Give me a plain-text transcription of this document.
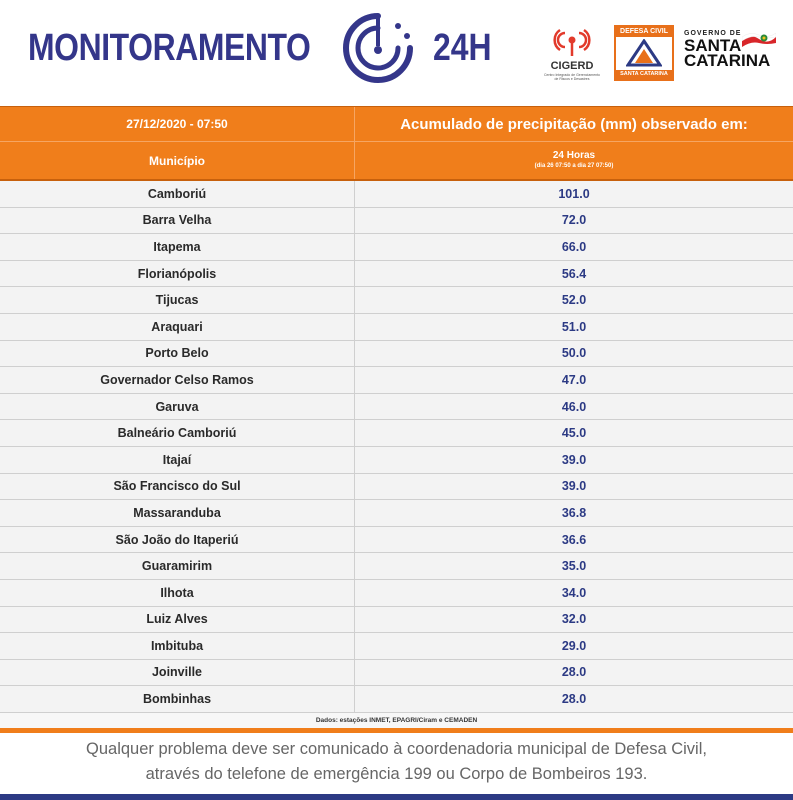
MONITORAMENTO	24H	CIGERD
Centro Integrado de Gerenciamento de Riscos e Desastres
DEFESA CIVIL
SANTA CATARINA
GOVERNO DE
SANTA
CATARINA
27/12/2020 - 07:50	Acumulado de precipitação (mm) observado em:
Município	24 Horas
(dia 26 07:50 a dia 27 07:50)
Camboriú	101.0
Barra Velha	72.0
Itapema	66.0
Florianópolis	56.4
Tijucas	52.0
Araquari	51.0
Porto Belo	50.0
Governador Celso Ramos	47.0
Garuva	46.0
Balneário Camboriú	45.0
Itajaí	39.0
São Francisco do Sul	39.0
Massaranduba	36.8
São João do Itaperiú	36.6
Guaramirim	35.0
Ilhota	34.0
Luiz Alves	32.0
Imbituba	29.0
Joinville	28.0
Bombinhas	28.0
Dados: estações INMET, EPAGRI/Ciram e CEMADEN
Qualquer problema deve ser comunicado à coordenadoria municipal de Defesa Civil,
através do telefone de emergência 199 ou Corpo de Bombeiros 193.
